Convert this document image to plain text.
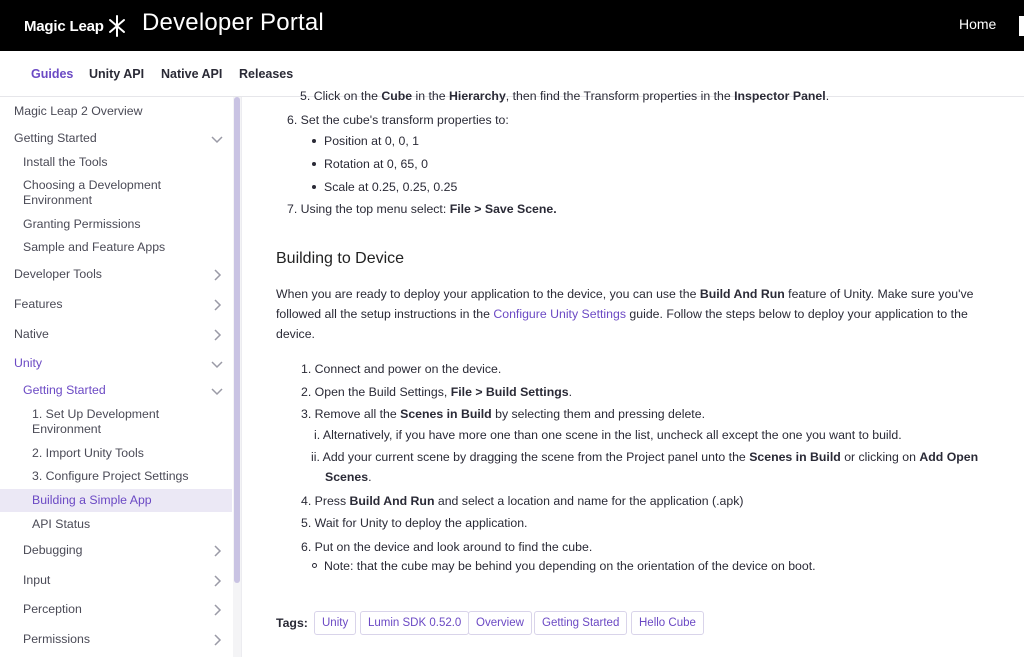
Magic Leap Developer Portal	Home
Guides Unity API Native API Releases
Magic Leap 2 Overview
Getting Started
Install the Tools
Choosing a Development Environment
Granting Permissions
Sample and Feature Apps
Developer Tools
Features
Native
Unity
Getting Started
1. Set Up Development Environment
2. Import Unity Tools
3. Configure Project Settings
Building a Simple App
API Status
Debugging
Input
Perception
Permissions
5. Click on the Cube in the Hierarchy, then find the Transform properties in the Inspector Panel.
6. Set the cube's transform properties to:
Position at 0, 0, 1
Rotation at 0, 65, 0
Scale at 0.25, 0.25, 0.25
7. Using the top menu select: File > Save Scene.
Building to Device
When you are ready to deploy your application to the device, you can use the Build And Run feature of Unity. Make sure you've
followed all the setup instructions in the Configure Unity Settings guide. Follow the steps below to deploy your application to the
device.
1. Connect and power on the device.
2. Open the Build Settings, File > Build Settings.
3. Remove all the Scenes in Build by selecting them and pressing delete.
i. Alternatively, if you have more one than one scene in the list, uncheck all except the one you want to build.
ii. Add your current scene by dragging the scene from the Project panel unto the Scenes in Build or clicking on Add Open
Scenes.
4. Press Build And Run and select a location and name for the application (.apk)
5. Wait for Unity to deploy the application.
6. Put on the device and look around to find the cube.
Note: that the cube may be behind you depending on the orientation of the device on boot.
Tags:	Unity	Lumin SDK 0.52.0	Overview	Getting Started	Hello Cube
